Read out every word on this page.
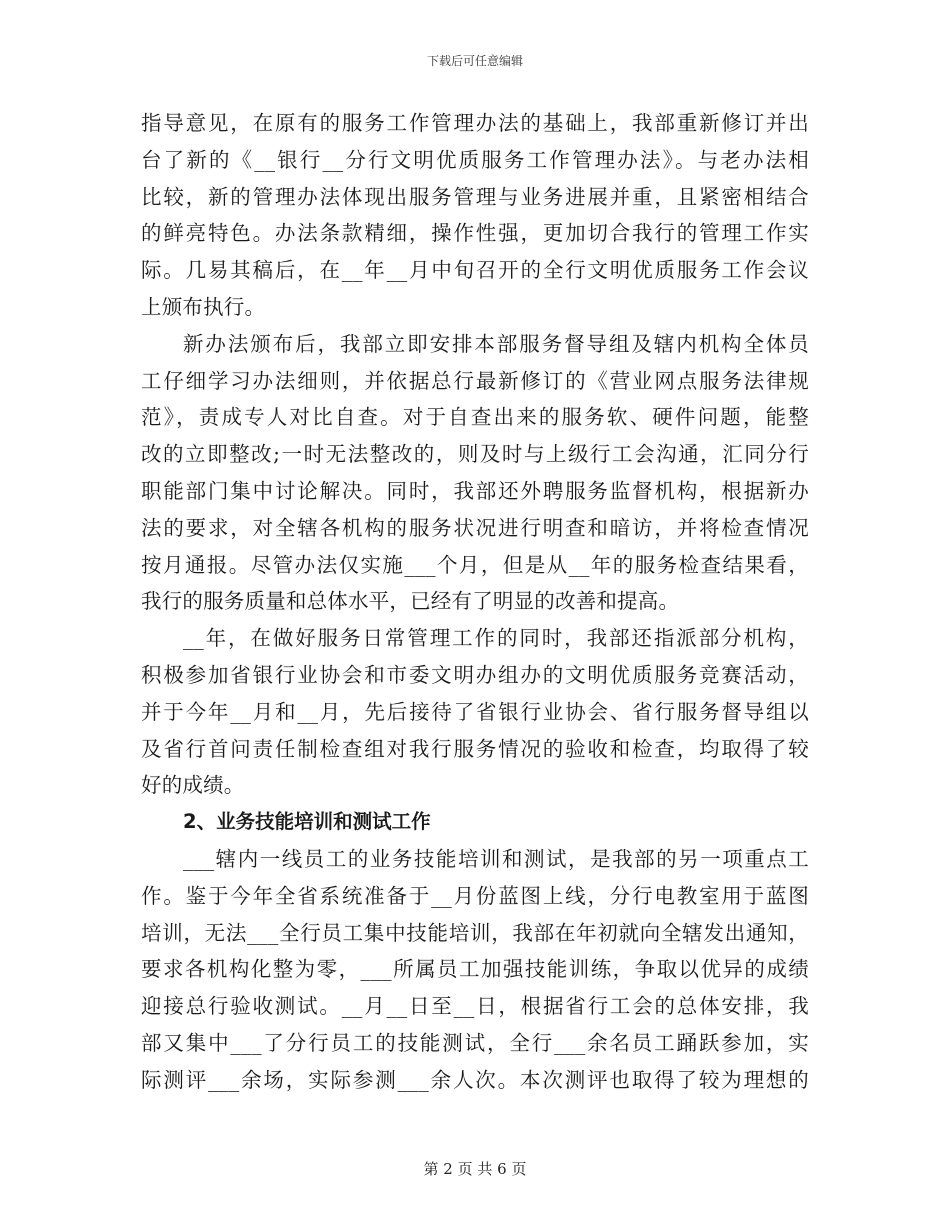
下载后可任意编辑
指导意见，在原有的服务工作管理办法的基础上，我部重新修订并出
台了新的《__银行__分行文明优质服务工作管理办法》。与老办法相
比较，新的管理办法体现出服务管理与业务进展并重，且紧密相结合
的鲜亮特色。办法条款精细，操作性强，更加切合我行的管理工作实
际。几易其稿后，在__年__月中旬召开的全行文明优质服务工作会议
上颁布执行。
新办法颁布后，我部立即安排本部服务督导组及辖内机构全体员
工仔细学习办法细则，并依据总行最新修订的《营业网点服务法律规
范》，责成专人对比自查。对于自查出来的服务软、硬件问题，能整
改的立即整改;一时无法整改的，则及时与上级行工会沟通，汇同分行
职能部门集中讨论解决。同时，我部还外聘服务监督机构，根据新办
法的要求，对全辖各机构的服务状况进行明查和暗访，并将检查情况
按月通报。尽管办法仅实施___个月，但是从__年的服务检查结果看，
我行的服务质量和总体水平，已经有了明显的改善和提高。
__年，在做好服务日常管理工作的同时，我部还指派部分机构，
积极参加省银行业协会和市委文明办组办的文明优质服务竞赛活动，
并于今年__月和__月，先后接待了省银行业协会、省行服务督导组以
及省行首问责任制检查组对我行服务情况的验收和检查，均取得了较
好的成绩。
2、业务技能培训和测试工作
___辖内一线员工的业务技能培训和测试，是我部的另一项重点工
作。鉴于今年全省系统准备于__月份蓝图上线，分行电教室用于蓝图
培训，无法___全行员工集中技能培训，我部在年初就向全辖发出通知，
要求各机构化整为零，___所属员工加强技能训练，争取以优异的成绩
迎接总行验收测试。__月__日至__日，根据省行工会的总体安排，我
部又集中___了分行员工的技能测试，全行___余名员工踊跃参加，实
际测评___余场，实际参测___余人次。本次测评也取得了较为理想的
第 2 页 共 6 页
